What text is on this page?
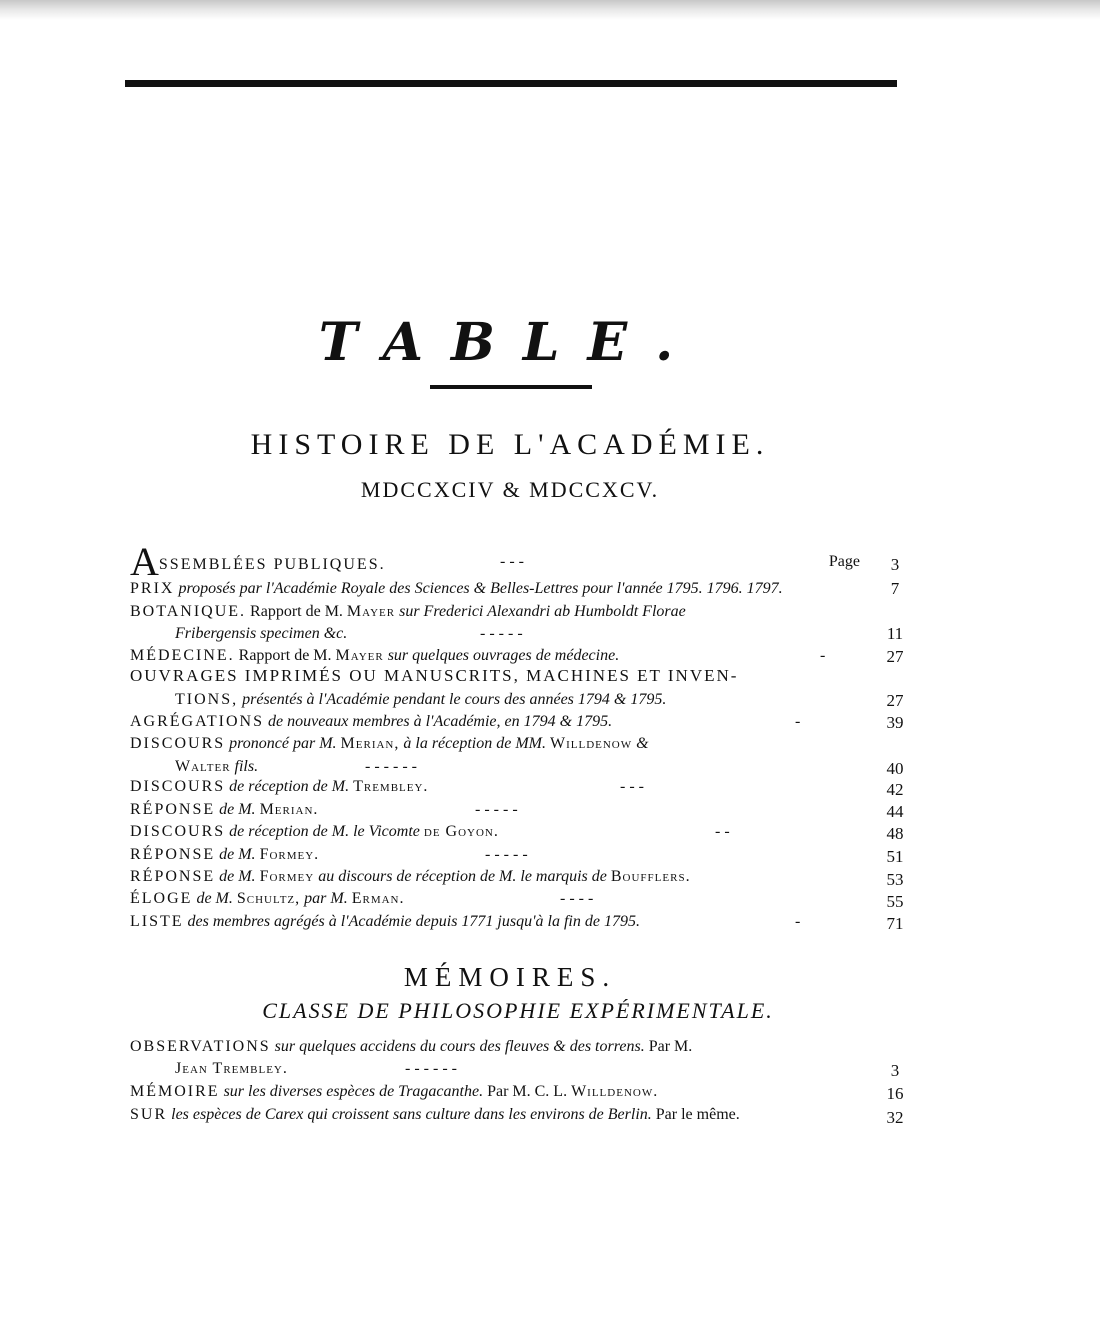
TABLE.
HISTOIRE DE L'ACADÉMIE.
MDCCXCIV & MDCCXCV.
ASSEMBLÉES PUBLIQUES.	- - -	Page	3
PRIX proposés par l'Académie Royale des Sciences & Belles-Lettres pour l'année 1795. 1796. 1797.	7
BOTANIQUE. Rapport de M. Mayer sur Frederici Alexandri ab Humboldt Florae
Fribergensis specimen &c.	- - - - -	11
MÉDECINE. Rapport de M. Mayer sur quelques ouvrages de médecine.	-	27
OUVRAGES IMPRIMÉS OU MANUSCRITS, MACHINES ET INVEN-
TIONS, présentés à l'Académie pendant le cours des années 1794 & 1795.	27
AGRÉGATIONS de nouveaux membres à l'Académie, en 1794 & 1795.	-	39
DISCOURS prononcé par M. Merian, à la réception de MM. Willdenow &
Walter fils.	- - - - - -	40
DISCOURS de réception de M. Trembley.	- - -	42
RÉPONSE de M. Merian.	- - - - -	44
DISCOURS de réception de M. le Vicomte de Goyon.	- -	48
RÉPONSE de M. Formey.	- - - - -	51
RÉPONSE de M. Formey au discours de réception de M. le marquis de Boufflers.	53
ÉLOGE de M. Schultz, par M. Erman.	- - - -	55
LISTE des membres agrégés à l'Académie depuis 1771 jusqu'à la fin de 1795.	-	71
MÉMOIRES.
CLASSE DE PHILOSOPHIE EXPÉRIMENTALE.
OBSERVATIONS sur quelques accidens du cours des fleuves & des torrens. Par M.
Jean Trembley.	- - - - - -	3
MÉMOIRE sur les diverses espèces de Tragacanthe. Par M. C. L. Willdenow.	16
SUR les espèces de Carex qui croissent sans culture dans les environs de Berlin. Par le même.	32
